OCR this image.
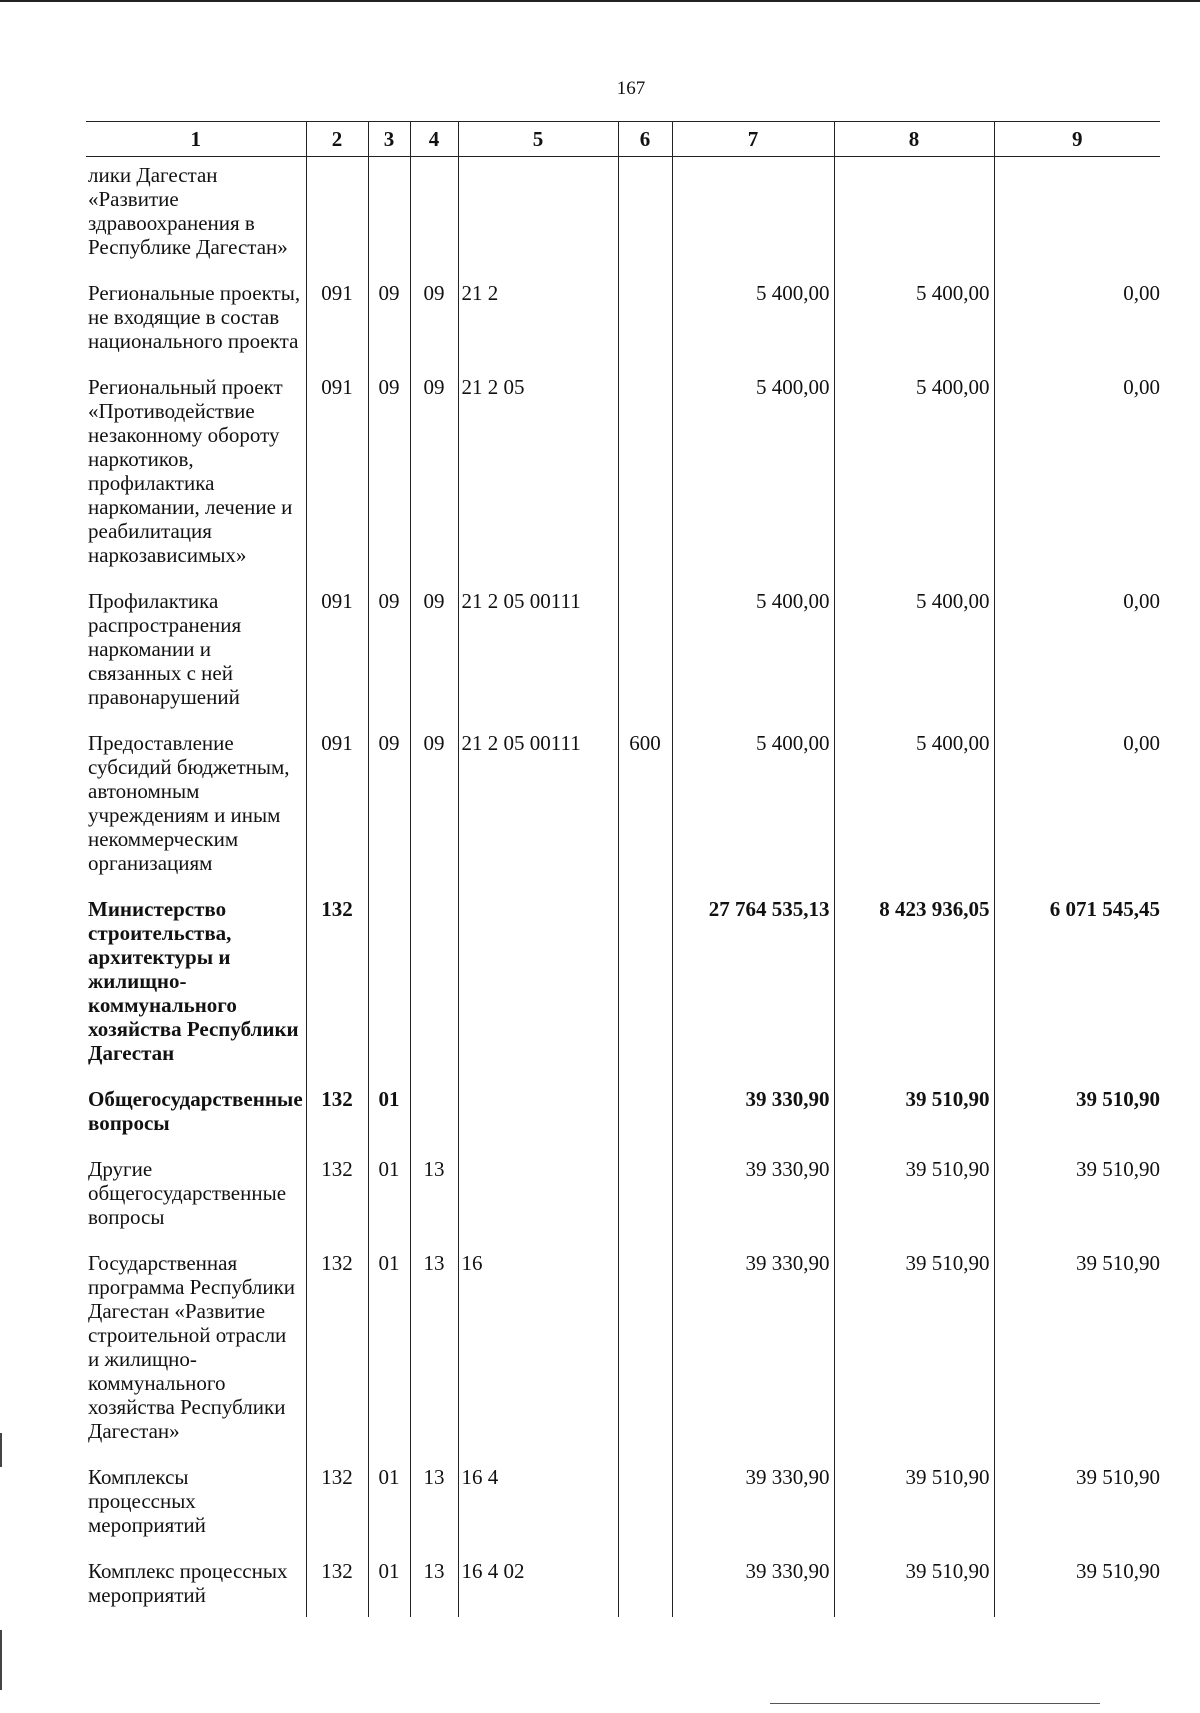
167
1	2	3	4	5	6	7	8	9
лики Дагестан «Развитие здравоохранения в Республике Дагестан»								
Региональные проекты, не входящие в состав национального проекта	091	09	09	21 2		5 400,00	5 400,00	0,00
Региональный проект «Противодействие незаконному обороту наркотиков, профилактика наркомании, лечение и реабилитация наркозависимых»	091	09	09	21 2 05		5 400,00	5 400,00	0,00
Профилактика распространения наркомании и связанных с ней правонарушений	091	09	09	21 2 05 00111		5 400,00	5 400,00	0,00
Предоставление субсидий бюджетным, автономным учреждениям и иным некоммерческим организациям	091	09	09	21 2 05 00111	600	5 400,00	5 400,00	0,00
Министерство строительства, архитектуры и жилищно-коммунального хозяйства Республики Дагестан	132					27 764 535,13	8 423 936,05	6 071 545,45
Общегосударственные вопросы	132	01				39 330,90	39 510,90	39 510,90
Другие общегосударственные вопросы	132	01	13			39 330,90	39 510,90	39 510,90
Государственная программа Республики Дагестан «Развитие строительной отрасли и жилищно-коммунального хозяйства Республики Дагестан»	132	01	13	16		39 330,90	39 510,90	39 510,90
Комплексы процессных мероприятий	132	01	13	16 4		39 330,90	39 510,90	39 510,90
Комплекс процессных мероприятий	132	01	13	16 4 02		39 330,90	39 510,90	39 510,90
